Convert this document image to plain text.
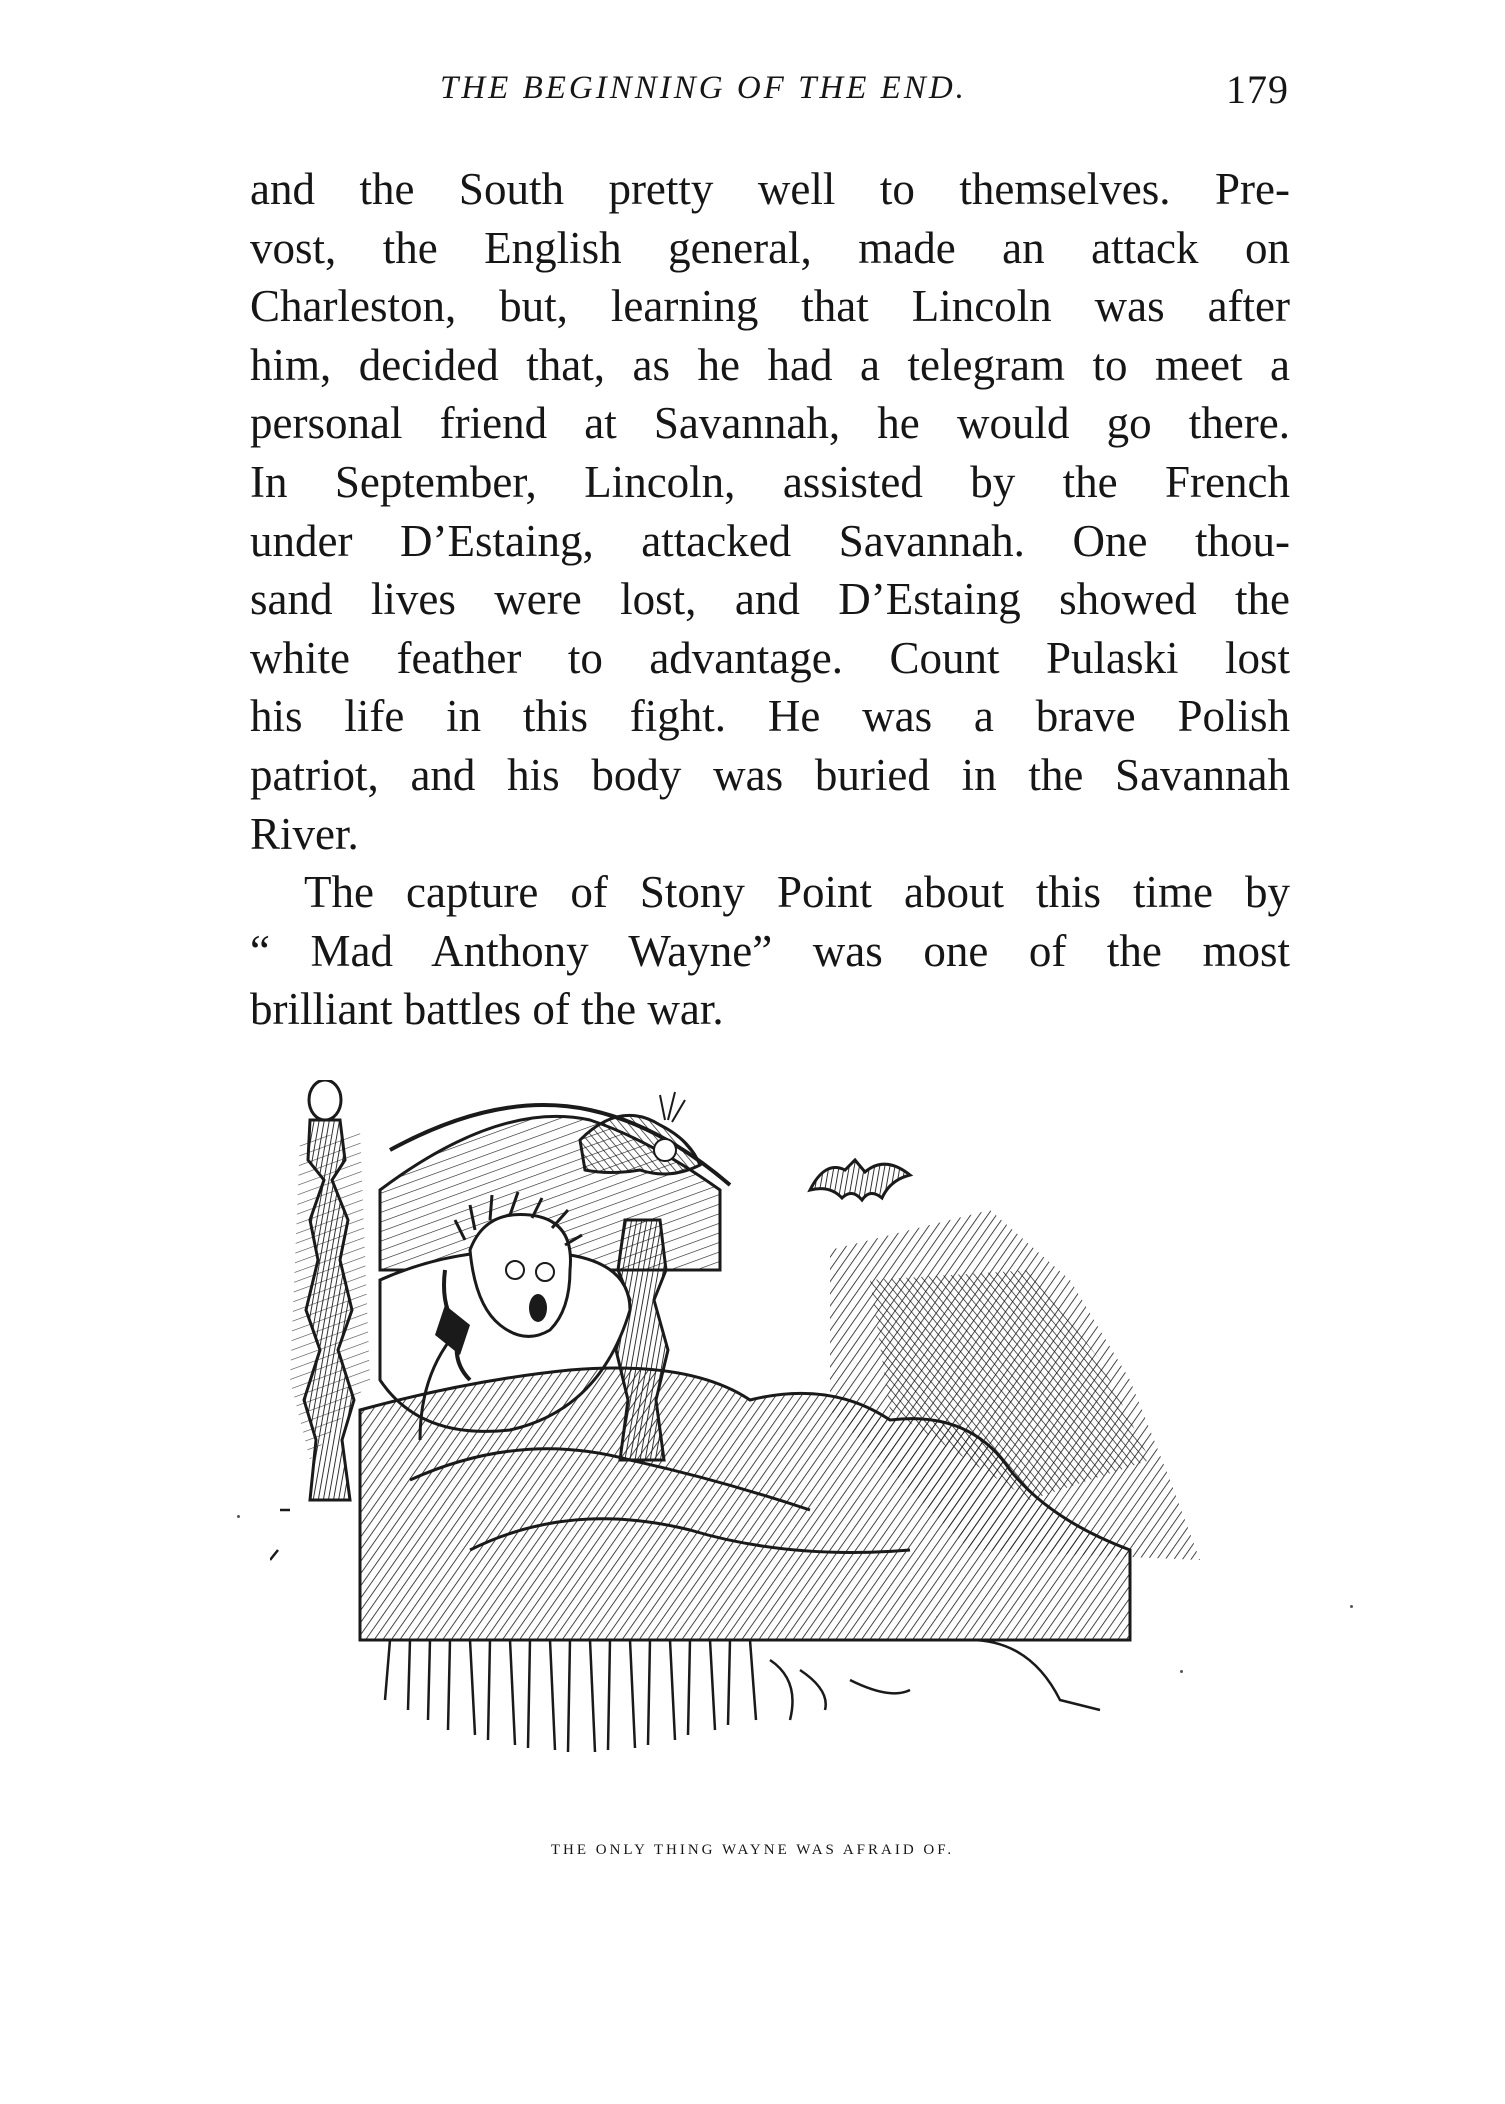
THE BEGINNING OF THE END.	179
and the South pretty well to themselves. Pre-
vost, the English general, made an attack on
Charleston, but, learning that Lincoln was after
him, decided that, as he had a telegram to meet a
personal friend at Savannah, he would go there.
In September, Lincoln, assisted by the French
under D’Estaing, attacked Savannah. One thou-
sand lives were lost, and D’Estaing showed the
white feather to advantage. Count Pulaski lost
his life in this fight. He was a brave Polish
patriot, and his body was buried in the Savannah
River.
The capture of Stony Point about this time by
“ Mad Anthony Wayne” was one of the most
brilliant battles of the war.
THE ONLY THING WAYNE WAS AFRAID OF.
